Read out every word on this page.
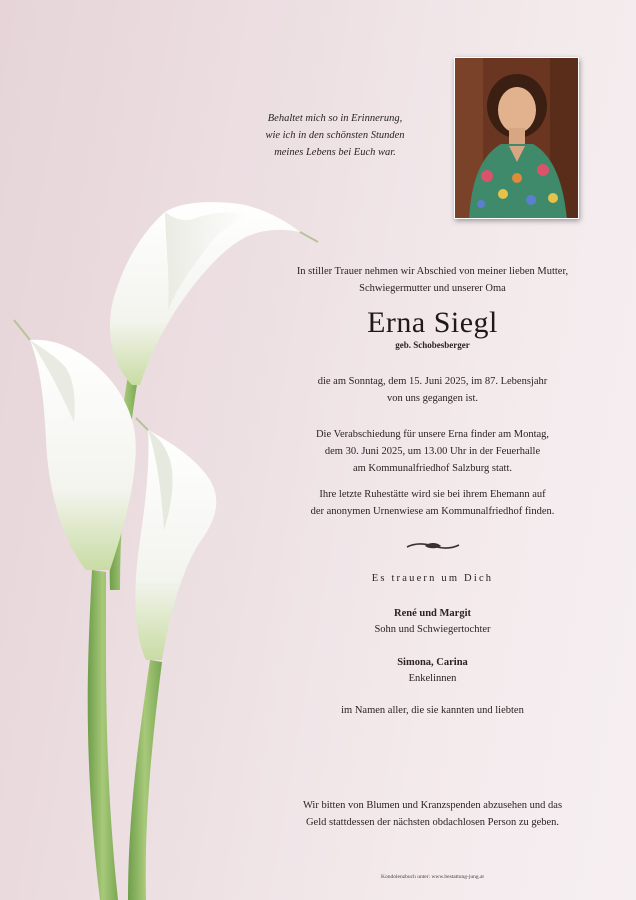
Behaltet mich so in Erinnerung,
wie ich in den schönsten Stunden
meines Lebens bei Euch war.
In stiller Trauer nehmen wir Abschied von meiner lieben Mutter,
Schwiegermutter und unserer Oma
Erna Siegl
geb. Schobesberger
die am Sonntag, dem 15. Juni 2025, im 87. Lebensjahr
von uns gegangen ist.
Die Verabschiedung für unsere Erna finder am Montag,
dem 30. Juni 2025, um 13.00 Uhr in der Feuerhalle
am Kommunalfriedhof Salzburg statt.
Ihre letzte Ruhestätte wird sie bei ihrem Ehemann auf
der anonymen Urnenwiese am Kommunalfriedhof finden.
Es trauern um Dich
René und Margit
Sohn und Schwiegertochter
Simona, Carina
Enkelinnen
im Namen aller, die sie kannten und liebten
Wir bitten von Blumen und Kranzspenden abzusehen und das
Geld stattdessen der nächsten obdachlosen Person zu geben.
Kondolenzbuch unter: www.bestattung-jung.at
